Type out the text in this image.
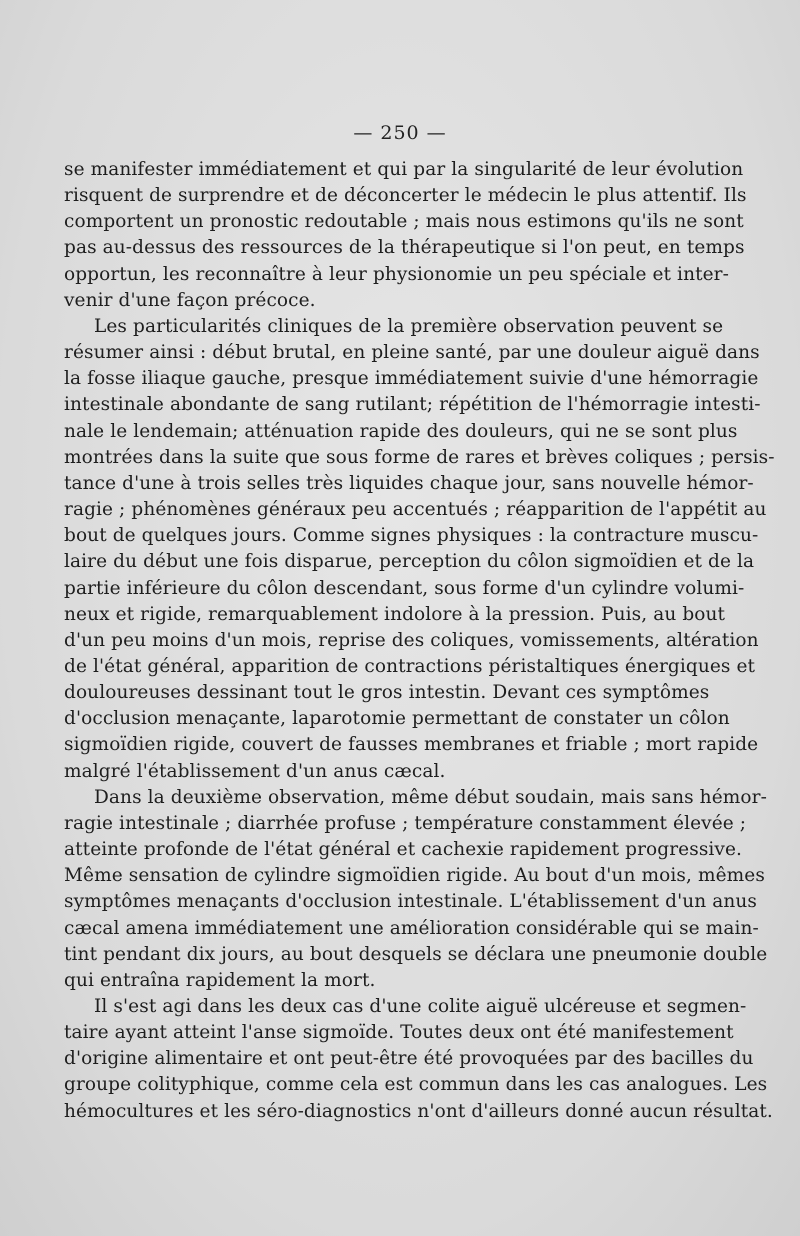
— 250 —
se manifester immédiatement et qui par la singularité de leur évolution
risquent de surprendre et de déconcerter le médecin le plus attentif. Ils
comportent un pronostic redoutable ; mais nous estimons qu'ils ne sont
pas au-dessus des ressources de la thérapeutique si l'on peut, en temps
opportun, les reconnaître à leur physionomie un peu spéciale et inter-
venir d'une façon précoce.
Les particularités cliniques de la première observation peuvent se
résumer ainsi : début brutal, en pleine santé, par une douleur aiguë dans
la fosse iliaque gauche, presque immédiatement suivie d'une hémorragie
intestinale abondante de sang rutilant; répétition de l'hémorragie intesti-
nale le lendemain; atténuation rapide des douleurs, qui ne se sont plus
montrées dans la suite que sous forme de rares et brèves coliques ; persis-
tance d'une à trois selles très liquides chaque jour, sans nouvelle hémor-
ragie ; phénomènes généraux peu accentués ; réapparition de l'appétit au
bout de quelques jours. Comme signes physiques : la contracture muscu-
laire du début une fois disparue, perception du côlon sigmoïdien et de la
partie inférieure du côlon descendant, sous forme d'un cylindre volumi-
neux et rigide, remarquablement indolore à la pression. Puis, au bout
d'un peu moins d'un mois, reprise des coliques, vomissements, altération
de l'état général, apparition de contractions péristaltiques énergiques et
douloureuses dessinant tout le gros intestin. Devant ces symptômes
d'occlusion menaçante, laparotomie permettant de constater un côlon
sigmoïdien rigide, couvert de fausses membranes et friable ; mort rapide
malgré l'établissement d'un anus cæcal.
Dans la deuxième observation, même début soudain, mais sans hémor-
ragie intestinale ; diarrhée profuse ; température constamment élevée ;
atteinte profonde de l'état général et cachexie rapidement progressive.
Même sensation de cylindre sigmoïdien rigide. Au bout d'un mois, mêmes
symptômes menaçants d'occlusion intestinale. L'établissement d'un anus
cæcal amena immédiatement une amélioration considérable qui se main-
tint pendant dix jours, au bout desquels se déclara une pneumonie double
qui entraîna rapidement la mort.
Il s'est agi dans les deux cas d'une colite aiguë ulcéreuse et segmen-
taire ayant atteint l'anse sigmoïde. Toutes deux ont été manifestement
d'origine alimentaire et ont peut-être été provoquées par des bacilles du
groupe colityphique, comme cela est commun dans les cas analogues. Les
hémocultures et les séro-diagnostics n'ont d'ailleurs donné aucun résultat.
